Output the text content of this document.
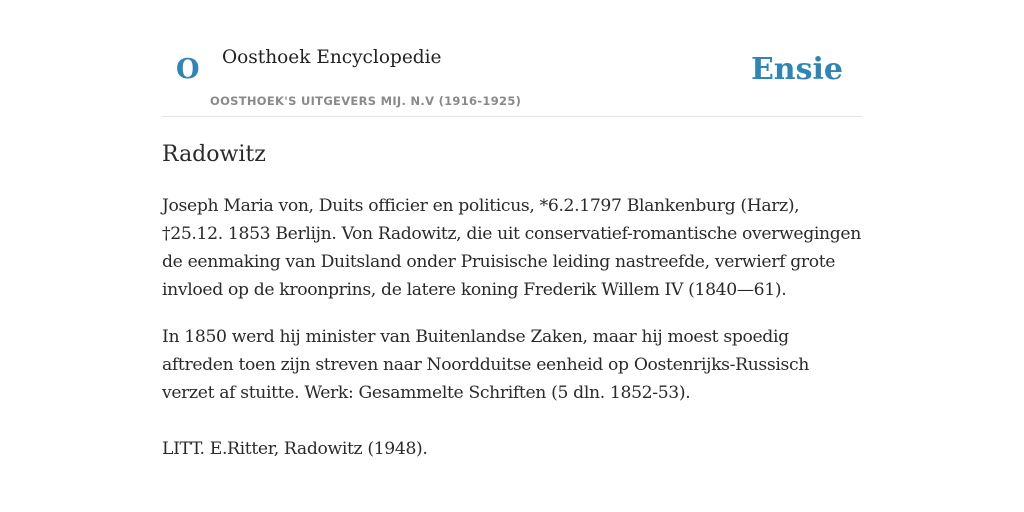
O Oosthoek Encyclopedie
OOSTHOEK'S UITGEVERS MIJ. N.V (1916-1925)
Ensie
Radowitz

Joseph Maria von, Duits officier en politicus, *6.2.1797 Blankenburg (Harz), †25.12. 1853 Berlijn. Von Radowitz, die uit conservatief-romantische overwegingen de eenmaking van Duitsland onder Pruisische leiding nastreefde, verwierf grote invloed op de kroonprins, de latere koning Frederik Willem IV (1840—61).

In 1850 werd hij minister van Buitenlandse Zaken, maar hij moest spoedig aftreden toen zijn streven naar Noordduitse eenheid op Oostenrijks-Russisch verzet af stuitte. Werk: Gesammelte Schriften (5 dln. 1852-53).

LITT. E.Ritter, Radowitz (1948).
